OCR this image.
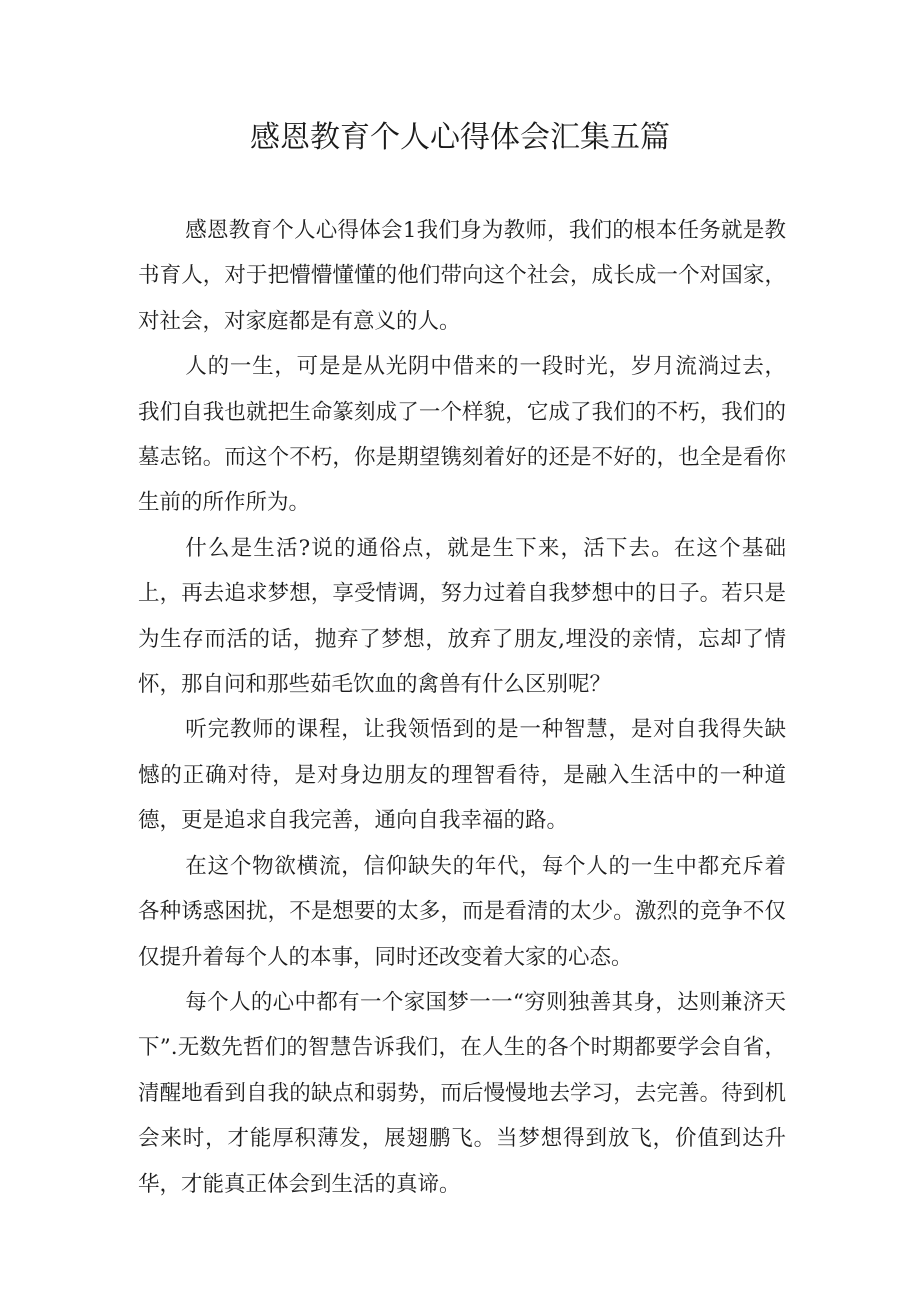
感恩教育个人心得体会汇集五篇

感恩教育个人心得体会1我们身为教师，我们的根本任务就是教书育人，对于把懵懵懂懂的他们带向这个社会，成长成一个对国家，对社会，对家庭都是有意义的人。

人的一生，可是是从光阴中借来的一段时光，岁月流淌过去，我们自我也就把生命篆刻成了一个样貌，它成了我们的不朽，我们的墓志铭。而这个不朽，你是期望镌刻着好的还是不好的，也全是看你生前的所作所为。

什么是生活?说的通俗点，就是生下来，活下去。在这个基础上，再去追求梦想，享受情调，努力过着自我梦想中的日子。若只是为生存而活的话，抛弃了梦想，放弃了朋友,埋没的亲情，忘却了情怀，那自问和那些茹毛饮血的禽兽有什么区别呢？

听完教师的课程，让我领悟到的是一种智慧，是对自我得失缺憾的正确对待，是对身边朋友的理智看待，是融入生活中的一种道德，更是追求自我完善，通向自我幸福的路。

在这个物欲横流，信仰缺失的年代，每个人的一生中都充斥着各种诱惑困扰，不是想要的太多，而是看清的太少。激烈的竞争不仅仅提升着每个人的本事，同时还改变着大家的心态。

每个人的心中都有一个家国梦一一“穷则独善其身，达则兼济天下”.无数先哲们的智慧告诉我们，在人生的各个时期都要学会自省，清醒地看到自我的缺点和弱势，而后慢慢地去学习，去完善。待到机会来时，才能厚积薄发，展翅鹏飞。当梦想得到放飞，价值到达升华，才能真正体会到生活的真谛。
